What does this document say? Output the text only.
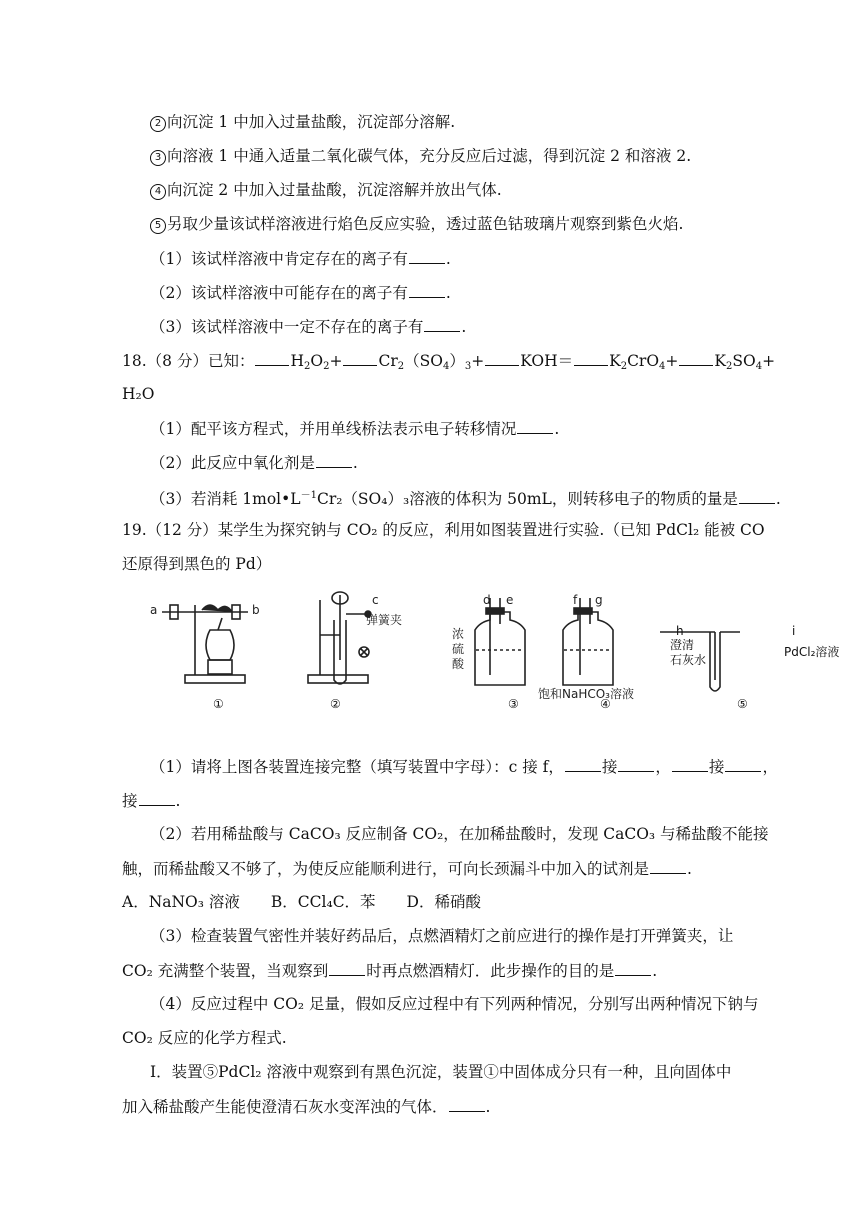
2 向沉淀 1 中加入过量盐酸，沉淀部分溶解.
3 向溶液 1 中通入适量二氧化碳气体，充分反应后过滤，得到沉淀 2 和溶液 2.
4 向沉淀 2 中加入过量盐酸，沉淀溶解并放出气体.
5 另取少量该试样溶液进行焰色反应实验，透过蓝色钴玻璃片观察到紫色火焰.
（1）该试样溶液中肯定存在的离子有 .
（2）该试样溶液中可能存在的离子有 .
（3）该试样溶液中一定不存在的离子有 .
18.（8 分）已知： $H_2O_2+ Cr_2(SO_4)_3+ KOH= K_2CrO_4+ K_2SO_4+$
H₂O
（1）配平该方程式，并用单线桥法表示电子转移情况 .
（2）此反应中氧化剂是 .
（3）若消耗 $1mol•L^{-1}Cr_2(SO_4)_3$溶液的体积为 50mL，则转移电子的物质的量是 .
19.（12 分）某学生为探究钠与 CO₂ 的反应，利用如图装置进行实验.（已知 PdCl₂ 能被 CO
还原得到黑色的 Pd）
a	b
c
弹簧夹
d e
浓
硫
酸
f g
饱和NaHCO₃溶液
h	i
澄清
石灰水
PdCl₂溶液
①	②	③	④	⑤
（1）请将上图各装置连接完整（填写装置中字母）：c 接 f， 接 ， 接 ，
接 .
（2）若用稀盐酸与 CaCO₃ 反应制备 CO₂，在加稀盐酸时，发现 CaCO₃ 与稀盐酸不能接
触，而稀盐酸又不够了，为使反应能顺利进行，可向长颈漏斗中加入的试剂是 .
A．NaNO₃ 溶液　　B．CCl₄C．苯　　D．稀硝酸
（3）检查装置气密性并装好药品后，点燃酒精灯之前应进行的操作是打开弹簧夹，让
CO₂ 充满整个装置，当观察到 时再点燃酒精灯．此步操作的目的是 .
（4）反应过程中 CO₂ 足量，假如反应过程中有下列两种情况，分别写出两种情况下钠与
CO₂ 反应的化学方程式.
Ⅰ．装置⑤PdCl₂ 溶液中观察到有黑色沉淀，装置①中固体成分只有一种，且向固体中
加入稀盐酸产生能使澄清石灰水变浑浊的气体． .
